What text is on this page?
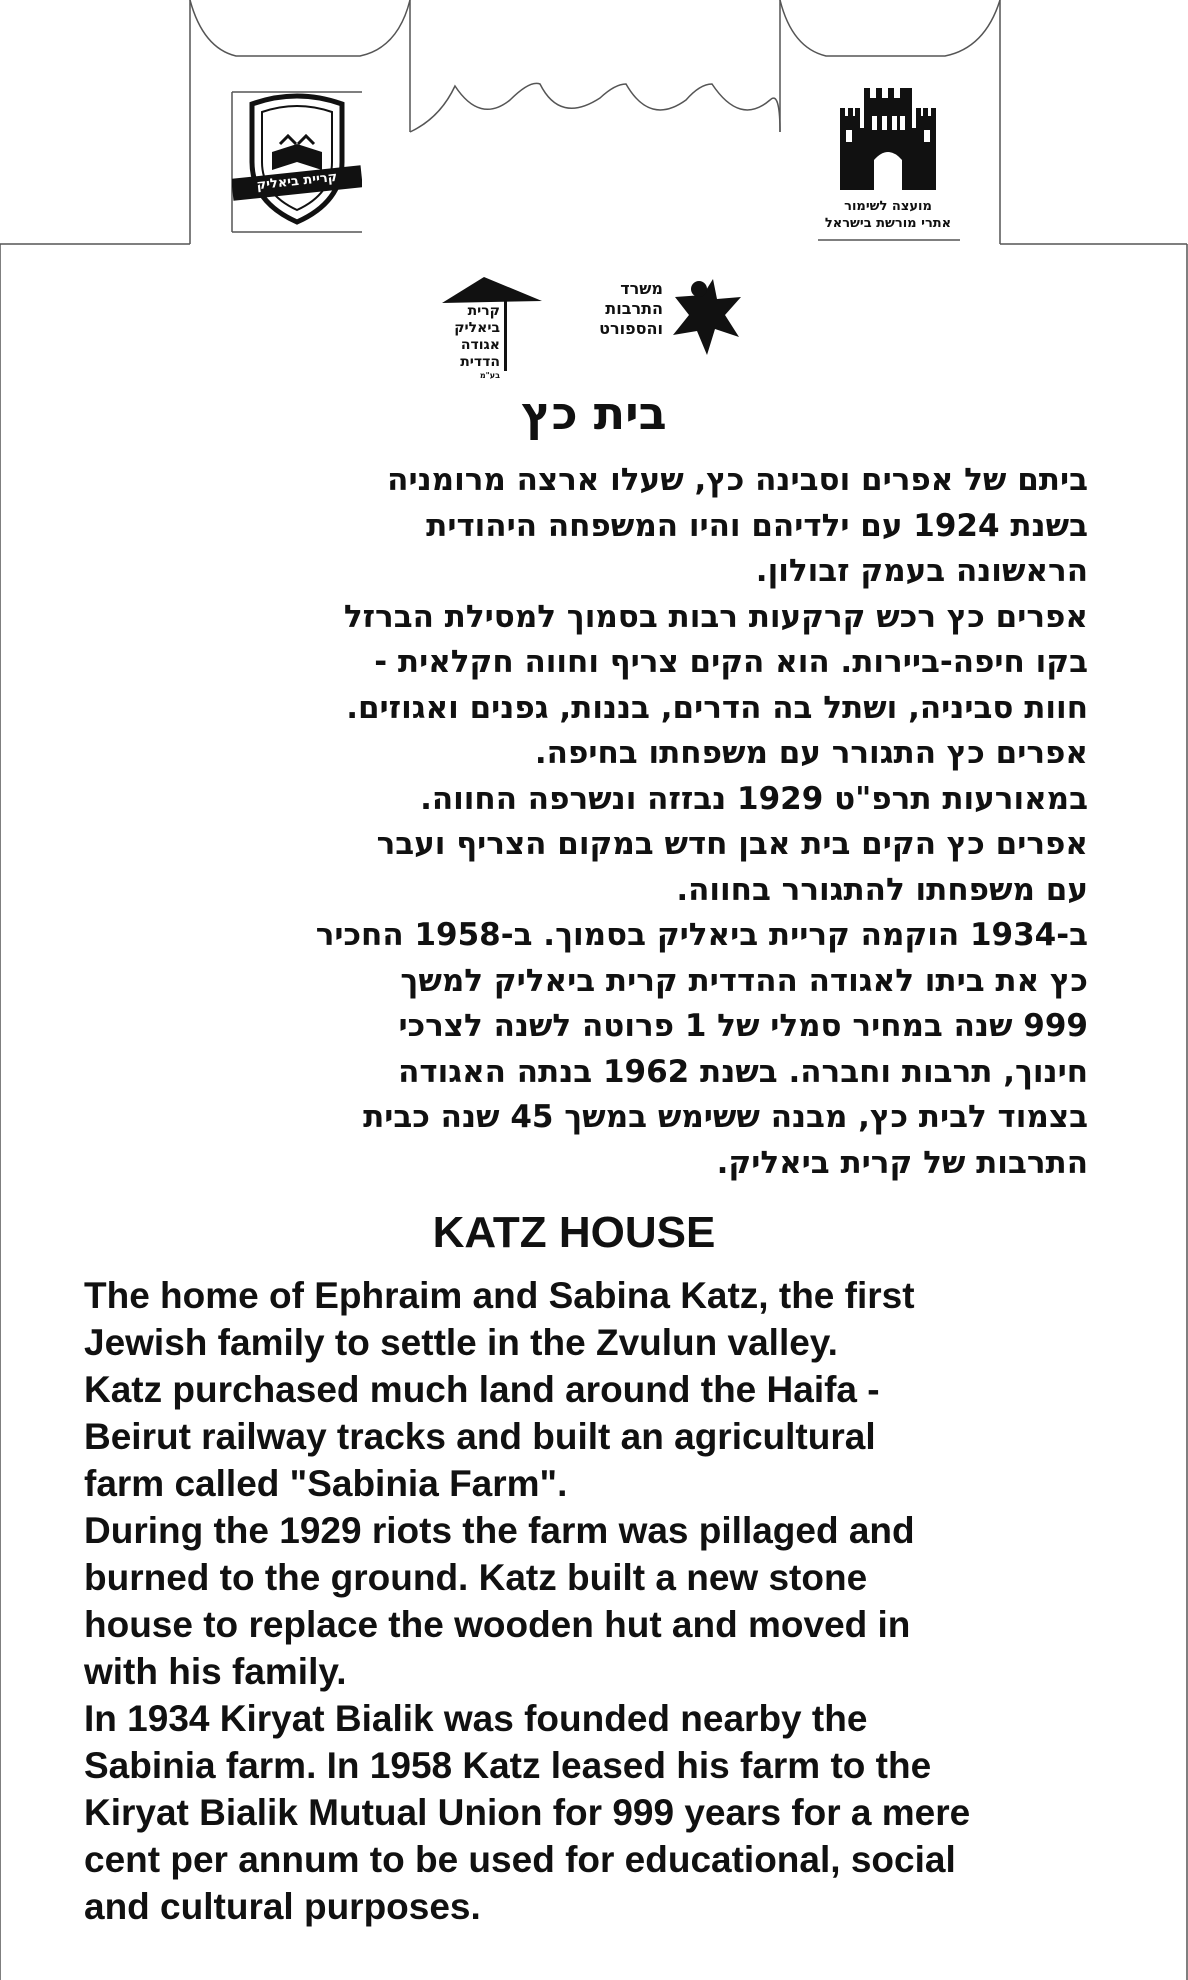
קריית ביאליק
מועצה לשימור
אתרי מורשת בישראל
קרית
ביאליק
אגודה
הדדית
בע"מ
משרד
התרבות
והספורט
בית כץ

ביתם של אפרים וסבינה כץ, שעלו ארצה מרומניה

בשנת 1924 עם ילדיהם והיו המשפחה היהודית

הראשונה בעמק זבולון.

אפרים כץ רכש קרקעות רבות בסמוך למסילת הברזל

בקו חיפה-ביירות. הוא הקים צריף וחווה חקלאית -

חוות סביניה, ושתל בה הדרים, בננות, גפנים ואגוזים.

אפרים כץ התגורר עם משפחתו בחיפה.

במאורעות תרפ"ט 1929 נבזזה ונשרפה החווה.

אפרים כץ הקים בית אבן חדש במקום הצריף ועבר

עם משפחתו להתגורר בחווה.

ב-1934 הוקמה קריית ביאליק בסמוך. ב-1958 החכיר

כץ את ביתו לאגודה ההדדית קרית ביאליק למשך

999 שנה במחיר סמלי של 1 פרוטה לשנה לצרכי

חינוך, תרבות וחברה. בשנת 1962 בנתה האגודה

בצמוד לבית כץ, מבנה ששימש במשך 45 שנה כבית

התרבות של קרית ביאליק.

KATZ HOUSE

The home of Ephraim and Sabina Katz, the first

Jewish family to settle in the Zvulun valley.

Katz purchased much land around the Haifa -

Beirut railway tracks and built an agricultural

farm called "Sabinia Farm".

During the 1929 riots the farm was pillaged and

burned to the ground. Katz built a new stone

house to replace the wooden hut and moved in

with his family.

In 1934 Kiryat Bialik was founded nearby the

Sabinia farm. In 1958 Katz leased his farm to the

Kiryat Bialik Mutual Union for 999 years for a mere

cent per annum to be used for educational, social

and cultural purposes.
